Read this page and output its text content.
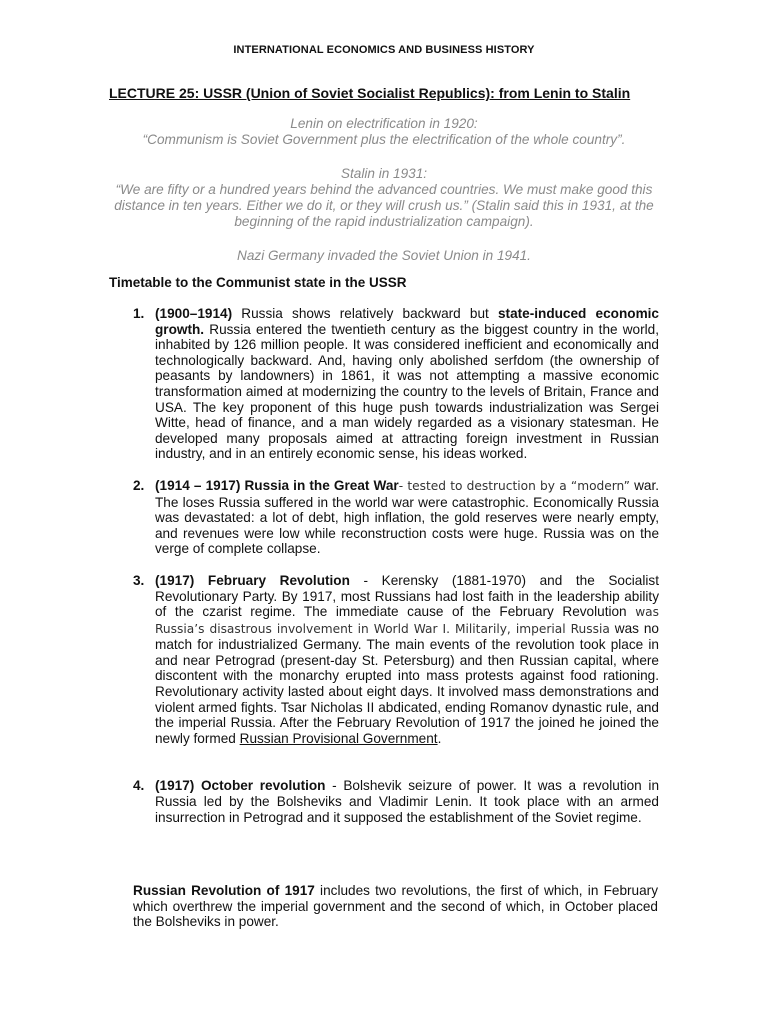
INTERNATIONAL ECONOMICS AND BUSINESS HISTORY
LECTURE 25: USSR (Union of Soviet Socialist Republics): from Lenin to Stalin

Lenin on electrification in 1920:

“Communism is Soviet Government plus the electrification of the whole country”.

Stalin in 1931:

“We are fifty or a hundred years behind the advanced countries. We must make good this distance in ten years. Either we do it, or they will crush us.” (Stalin said this in 1931, at the beginning of the rapid industrialization campaign).

Nazi Germany invaded the Soviet Union in 1941.

Timetable to the Communist state in the USSR
1. (1900–1914) Russia shows relatively backward but state-induced economic growth. Russia entered the twentieth century as the biggest country in the world, inhabited by 126 million people. It was considered inefficient and economically and technologically backward. And, having only abolished serfdom (the ownership of peasants by landowners) in 1861, it was not attempting a massive economic transformation aimed at modernizing the country to the levels of Britain, France and USA. The key proponent of this huge push towards industrialization was Sergei Witte, head of finance, and a man widely regarded as a visionary statesman. He developed many proposals aimed at attracting foreign investment in Russian industry, and in an entirely economic sense, his ideas worked.
2. (1914 – 1917) Russia in the Great War- tested to destruction by a “modern” war. The loses Russia suffered in the world war were catastrophic. Economically Russia was devastated: a lot of debt, high inflation, the gold reserves were nearly empty, and revenues were low while reconstruction costs were huge. Russia was on the verge of complete collapse.
3. (1917) February Revolution - Kerensky (1881-1970) and the Socialist Revolutionary Party. By 1917, most Russians had lost faith in the leadership ability of the czarist regime. The immediate cause of the February Revolution was Russia’s disastrous involvement in World War I. Militarily, imperial Russia was no match for industrialized Germany. The main events of the revolution took place in and near Petrograd (present-day St. Petersburg) and then Russian capital, where discontent with the monarchy erupted into mass protests against food rationing. Revolutionary activity lasted about eight days. It involved mass demonstrations and violent armed fights. Tsar Nicholas II abdicated, ending Romanov dynastic rule, and the imperial Russia. After the February Revolution of 1917 the joined he joined the newly formed Russian Provisional Government.
4. (1917) October revolution - Bolshevik seizure of power. It was a revolution in Russia led by the Bolsheviks and Vladimir Lenin. It took place with an armed insurrection in Petrograd and it supposed the establishment of the Soviet regime.

Russian Revolution of 1917 includes two revolutions, the first of which, in February which overthrew the imperial government and the second of which, in October placed the Bolsheviks in power.
